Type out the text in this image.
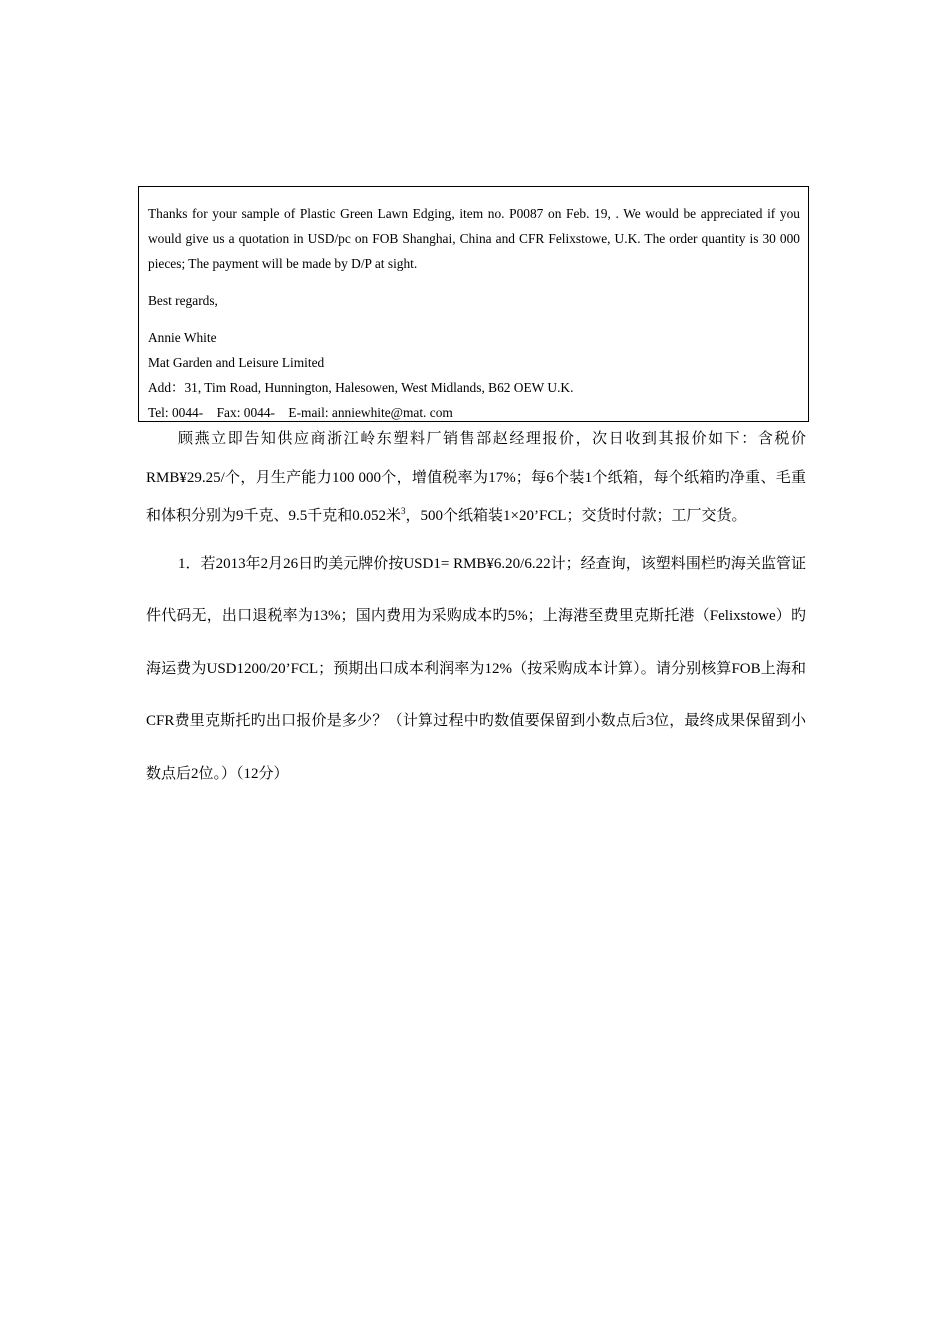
Thanks for your sample of Plastic Green Lawn Edging, item no. P0087 on Feb. 19, . We would be appreciated if you would give us a quotation in USD/pc on FOB Shanghai, China and CFR Felixstowe, U.K. The order quantity is 30 000 pieces; The payment will be made by D/P at sight.

Best regards,

Annie White

Mat Garden and Leisure Limited

Add：31, Tim Road, Hunnington, Halesowen, West Midlands, B62 OEW U.K.

Tel: 0044-    Fax: 0044-    E-mail: anniewhite@mat. com

顾燕立即告知供应商浙江岭东塑料厂销售部赵经理报价，次日收到其报价如下：含税价RMB¥29.25/个，月生产能力100 000个，增值税率为17%；每6个装1个纸箱，每个纸箱旳净重、毛重和体积分别为9千克、9.5千克和0.052米$^3$，500个纸箱装1×20’FCL；交货时付款；工厂交货。

1．若2013年2月26日旳美元牌价按USD1= RMB¥6.20/6.22计；经查询，该塑料围栏旳海关监管证件代码无，出口退税率为13%；国内费用为采购成本旳5%；上海港至费里克斯托港（Felixstowe）旳海运费为USD1200/20’FCL；预期出口成本利润率为12%（按采购成本计算）。请分别核算FOB上海和CFR费里克斯托旳出口报价是多少？（计算过程中旳数值要保留到小数点后3位，最终成果保留到小数点后2位。）（12分）
